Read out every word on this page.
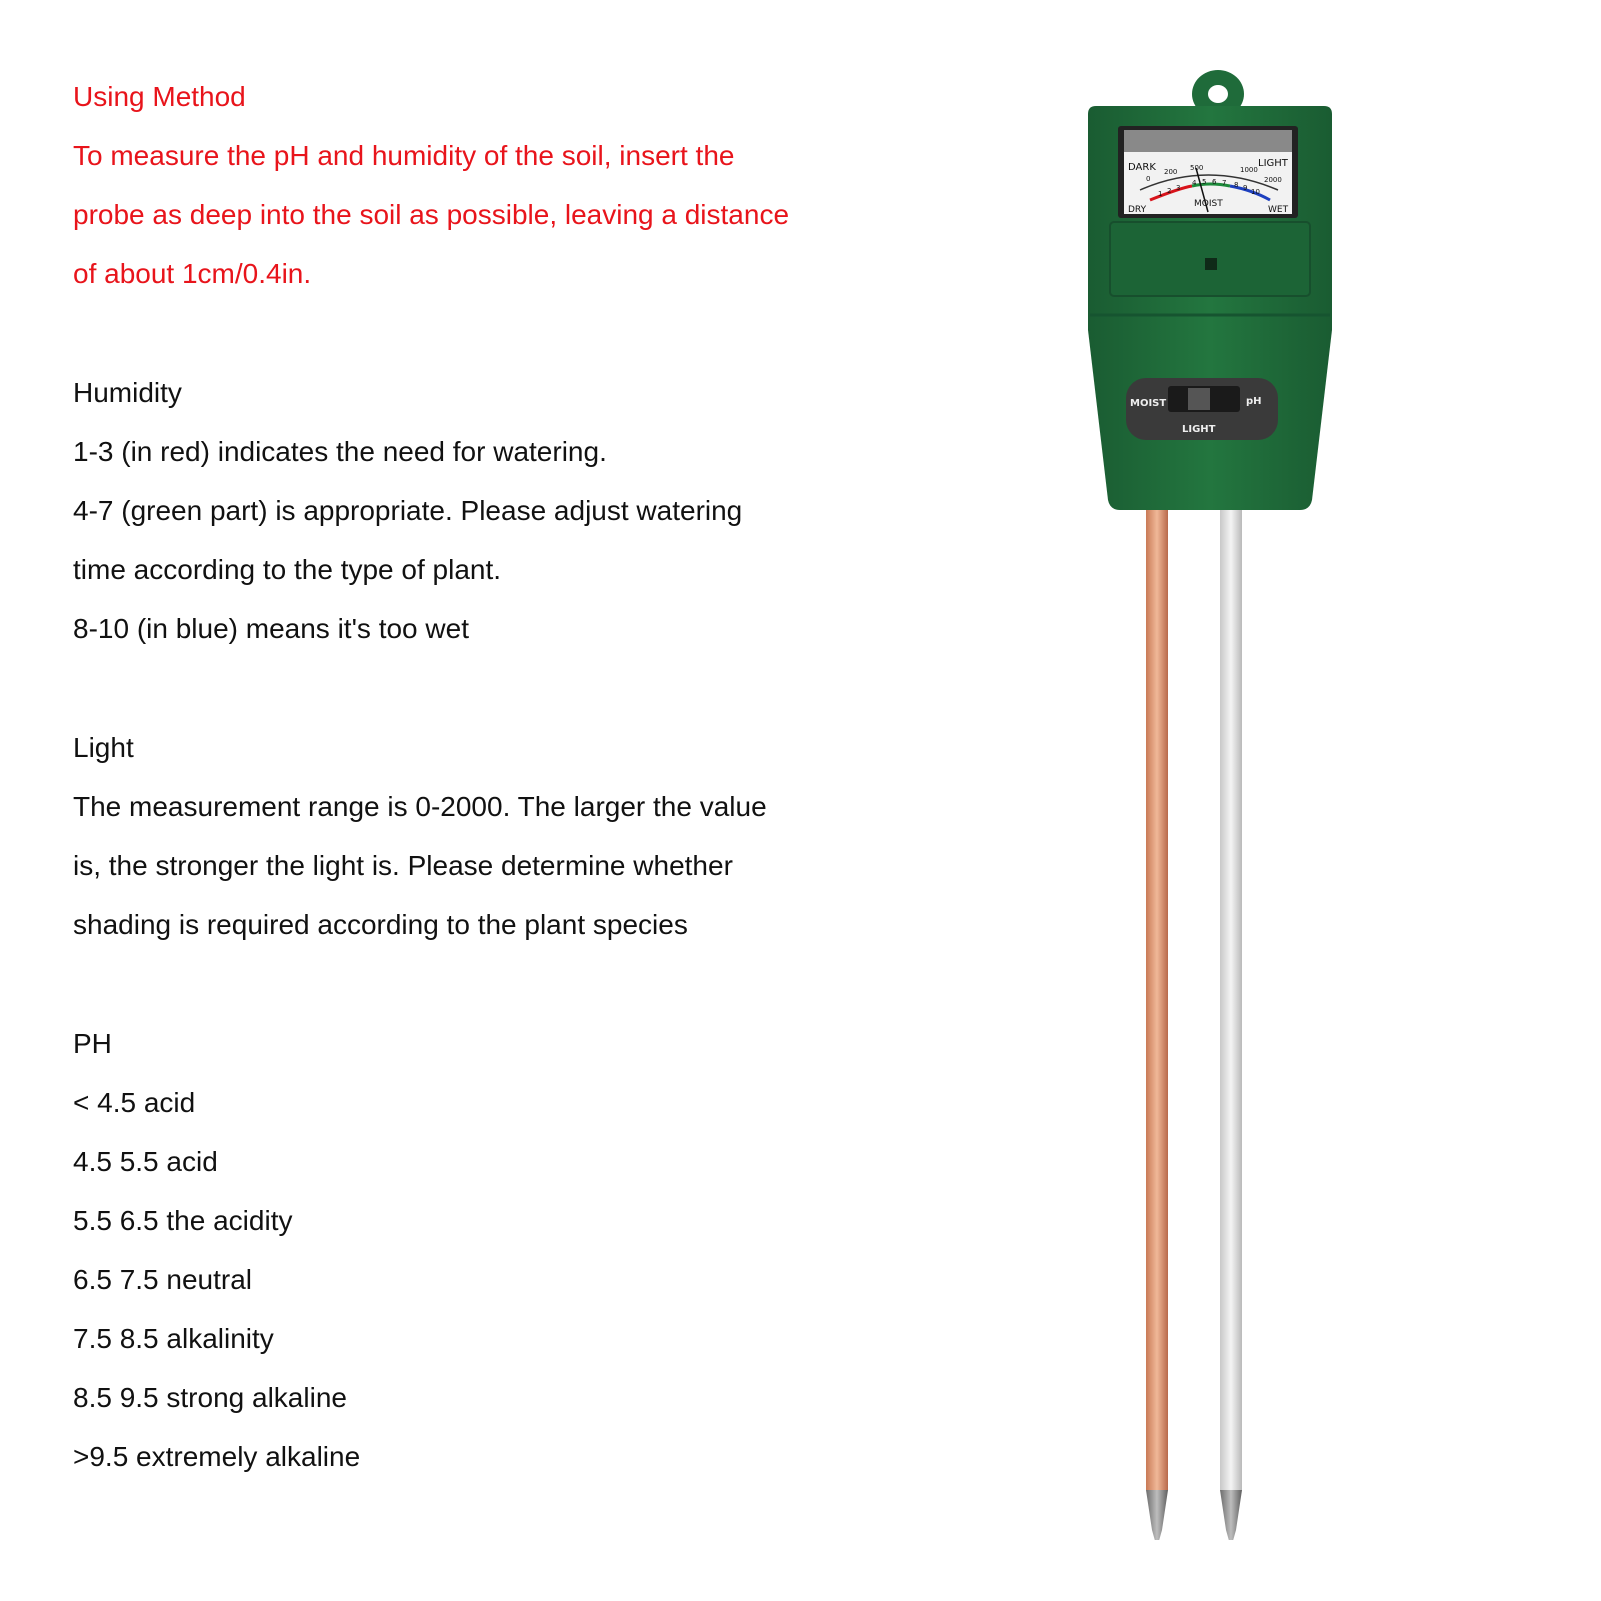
Using Method
To measure the pH and humidity of the soil, insert the
probe as deep into the soil as possible, leaving a distance
of about 1cm/0.4in.
Humidity
1-3 (in red) indicates the need for watering.
4-7 (green part) is appropriate. Please adjust watering
time according to the type of plant.
8-10 (in blue) means it's too wet
Light
The measurement range is 0-2000. The larger the value
is, the stronger the light is. Please determine whether
shading is required according to the plant species
PH
< 4.5 acid
4.5 5.5 acid
5.5 6.5 the acidity
6.5 7.5 neutral
7.5 8.5 alkalinity
8.5 9.5 strong alkaline
>9.5 extremely alkaline
DARK	LIGHT
DRY
MOIST
WET
0
200 500	1000
2000
1 2 3
4 5 6 7 8 9 10
MOIST	pH
LIGHT
